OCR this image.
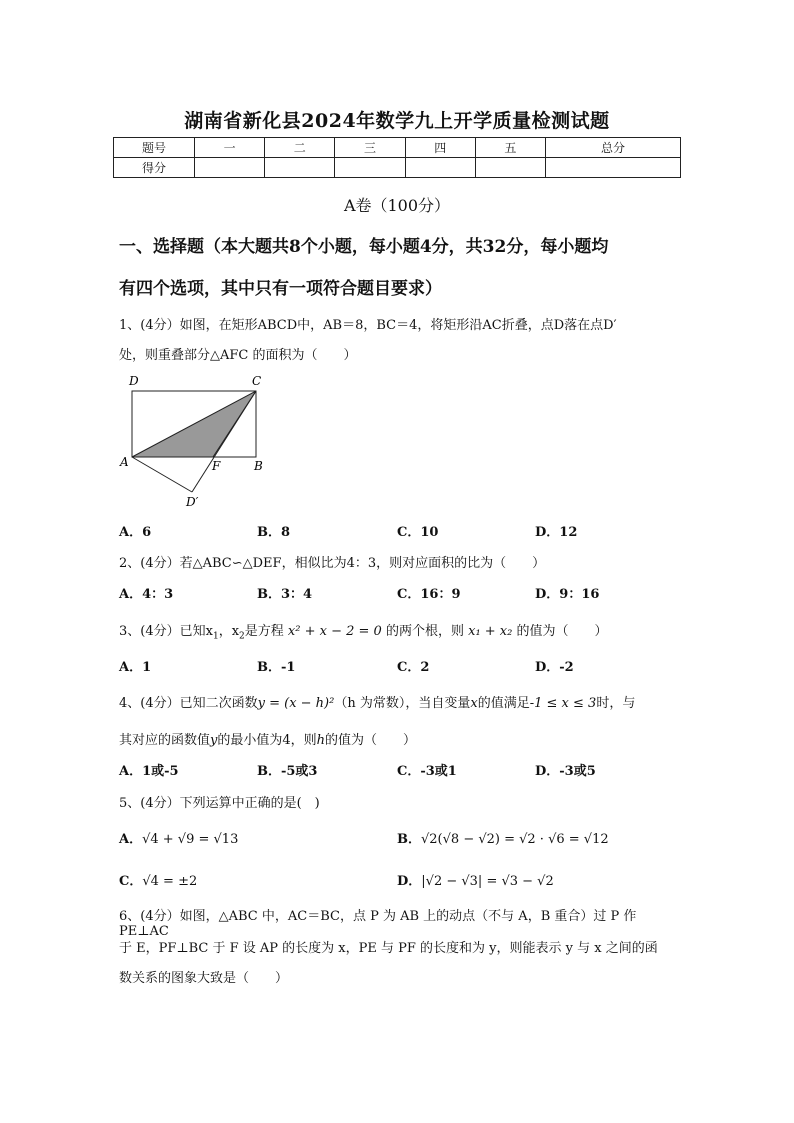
湖南省新化县2024年数学九上开学质量检测试题
题号	一	二	三	四	五	总分
得分						
A卷（100分）
一、选择题（本大题共8个小题，每小题4分，共32分，每小题均
有四个选项，其中只有一项符合题目要求）
1、(4分）如图，在矩形ABCD中，AB＝8，BC＝4，将矩形沿AC折叠，点D落在点D′
处，则重叠部分△AFC 的面积为（　　）
D	C
A	F	B
D′
A．6	B．8	C．10	D．12
2、(4分）若△ABC∽△DEF，相似比为4：3，则对应面积的比为（　　）
A．4：3	B．3：4	C．16：9	D．9：16
3、(4分）已知$x_1$，$x_2$是方程 x² + x − 2 = 0 的两个根，则 x₁ + x₂ 的值为（　　）
A．1	B．-1	C．2	D．-2
4、(4分）已知二次函数y = (x − h)²（h 为常数），当自变量x的值满足-1 ≤ x ≤ 3时，与
其对应的函数值y的最小值为4，则h的值为（　　）
A．1或-5	B．-5或3	C．-3或1	D．-3或5
5、(4分）下列运算中正确的是(　)
A．√4 + √9 = √13	B．√2(√8 − √2) = √2 · √6 = √12
C．√4 = ±2	D．|√2 − √3| = √3 − √2
6、(4分）如图，△ABC 中，AC＝BC，点 P 为 AB 上的动点（不与 A，B 重合）过 P 作 PE⊥AC
于 E，PF⊥BC 于 F 设 AP 的长度为 x，PE 与 PF 的长度和为 y，则能表示 y 与 x 之间的函
数关系的图象大致是（　　）
